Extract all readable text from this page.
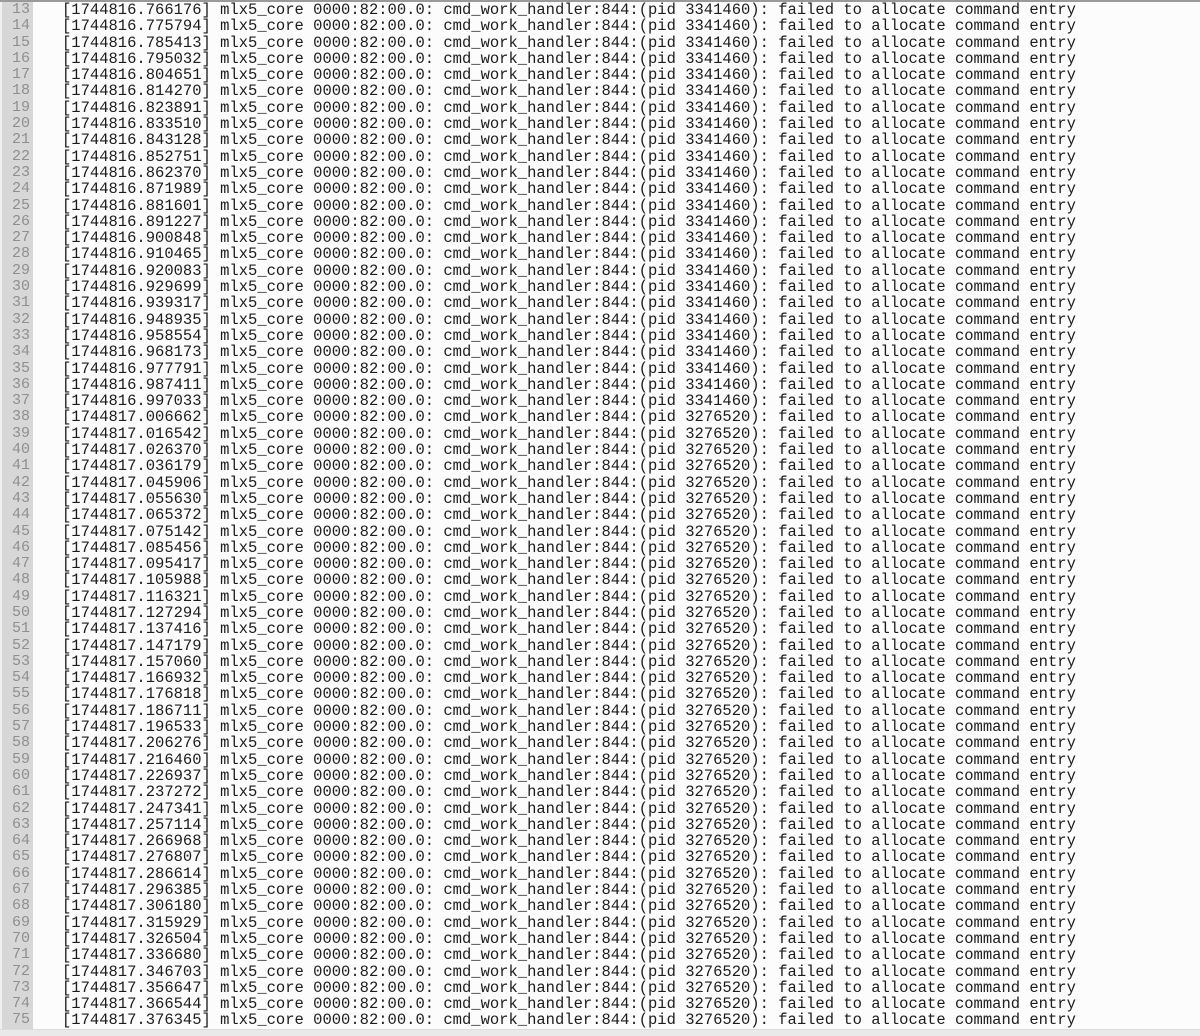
13
14
15
16
17
18
19
20
21
22
23
24
25
26
27
28
29
30
31
32
33
34
35
36
37
38
39
40
41
42
43
44
45
46
47
48
49
50
51
52
53
54
55
56
57
58
59
60
61
62
63
64
65
66
67
68
69
70
71
72
73
74
75
[1744816.766176] mlx5_core 0000:82:00.0: cmd_work_handler:844:(pid 3341460): failed to allocate command entry
[1744816.775794] mlx5_core 0000:82:00.0: cmd_work_handler:844:(pid 3341460): failed to allocate command entry
[1744816.785413] mlx5_core 0000:82:00.0: cmd_work_handler:844:(pid 3341460): failed to allocate command entry
[1744816.795032] mlx5_core 0000:82:00.0: cmd_work_handler:844:(pid 3341460): failed to allocate command entry
[1744816.804651] mlx5_core 0000:82:00.0: cmd_work_handler:844:(pid 3341460): failed to allocate command entry
[1744816.814270] mlx5_core 0000:82:00.0: cmd_work_handler:844:(pid 3341460): failed to allocate command entry
[1744816.823891] mlx5_core 0000:82:00.0: cmd_work_handler:844:(pid 3341460): failed to allocate command entry
[1744816.833510] mlx5_core 0000:82:00.0: cmd_work_handler:844:(pid 3341460): failed to allocate command entry
[1744816.843128] mlx5_core 0000:82:00.0: cmd_work_handler:844:(pid 3341460): failed to allocate command entry
[1744816.852751] mlx5_core 0000:82:00.0: cmd_work_handler:844:(pid 3341460): failed to allocate command entry
[1744816.862370] mlx5_core 0000:82:00.0: cmd_work_handler:844:(pid 3341460): failed to allocate command entry
[1744816.871989] mlx5_core 0000:82:00.0: cmd_work_handler:844:(pid 3341460): failed to allocate command entry
[1744816.881601] mlx5_core 0000:82:00.0: cmd_work_handler:844:(pid 3341460): failed to allocate command entry
[1744816.891227] mlx5_core 0000:82:00.0: cmd_work_handler:844:(pid 3341460): failed to allocate command entry
[1744816.900848] mlx5_core 0000:82:00.0: cmd_work_handler:844:(pid 3341460): failed to allocate command entry
[1744816.910465] mlx5_core 0000:82:00.0: cmd_work_handler:844:(pid 3341460): failed to allocate command entry
[1744816.920083] mlx5_core 0000:82:00.0: cmd_work_handler:844:(pid 3341460): failed to allocate command entry
[1744816.929699] mlx5_core 0000:82:00.0: cmd_work_handler:844:(pid 3341460): failed to allocate command entry
[1744816.939317] mlx5_core 0000:82:00.0: cmd_work_handler:844:(pid 3341460): failed to allocate command entry
[1744816.948935] mlx5_core 0000:82:00.0: cmd_work_handler:844:(pid 3341460): failed to allocate command entry
[1744816.958554] mlx5_core 0000:82:00.0: cmd_work_handler:844:(pid 3341460): failed to allocate command entry
[1744816.968173] mlx5_core 0000:82:00.0: cmd_work_handler:844:(pid 3341460): failed to allocate command entry
[1744816.977791] mlx5_core 0000:82:00.0: cmd_work_handler:844:(pid 3341460): failed to allocate command entry
[1744816.987411] mlx5_core 0000:82:00.0: cmd_work_handler:844:(pid 3341460): failed to allocate command entry
[1744816.997033] mlx5_core 0000:82:00.0: cmd_work_handler:844:(pid 3341460): failed to allocate command entry
[1744817.006662] mlx5_core 0000:82:00.0: cmd_work_handler:844:(pid 3276520): failed to allocate command entry
[1744817.016542] mlx5_core 0000:82:00.0: cmd_work_handler:844:(pid 3276520): failed to allocate command entry
[1744817.026370] mlx5_core 0000:82:00.0: cmd_work_handler:844:(pid 3276520): failed to allocate command entry
[1744817.036179] mlx5_core 0000:82:00.0: cmd_work_handler:844:(pid 3276520): failed to allocate command entry
[1744817.045906] mlx5_core 0000:82:00.0: cmd_work_handler:844:(pid 3276520): failed to allocate command entry
[1744817.055630] mlx5_core 0000:82:00.0: cmd_work_handler:844:(pid 3276520): failed to allocate command entry
[1744817.065372] mlx5_core 0000:82:00.0: cmd_work_handler:844:(pid 3276520): failed to allocate command entry
[1744817.075142] mlx5_core 0000:82:00.0: cmd_work_handler:844:(pid 3276520): failed to allocate command entry
[1744817.085456] mlx5_core 0000:82:00.0: cmd_work_handler:844:(pid 3276520): failed to allocate command entry
[1744817.095417] mlx5_core 0000:82:00.0: cmd_work_handler:844:(pid 3276520): failed to allocate command entry
[1744817.105988] mlx5_core 0000:82:00.0: cmd_work_handler:844:(pid 3276520): failed to allocate command entry
[1744817.116321] mlx5_core 0000:82:00.0: cmd_work_handler:844:(pid 3276520): failed to allocate command entry
[1744817.127294] mlx5_core 0000:82:00.0: cmd_work_handler:844:(pid 3276520): failed to allocate command entry
[1744817.137416] mlx5_core 0000:82:00.0: cmd_work_handler:844:(pid 3276520): failed to allocate command entry
[1744817.147179] mlx5_core 0000:82:00.0: cmd_work_handler:844:(pid 3276520): failed to allocate command entry
[1744817.157060] mlx5_core 0000:82:00.0: cmd_work_handler:844:(pid 3276520): failed to allocate command entry
[1744817.166932] mlx5_core 0000:82:00.0: cmd_work_handler:844:(pid 3276520): failed to allocate command entry
[1744817.176818] mlx5_core 0000:82:00.0: cmd_work_handler:844:(pid 3276520): failed to allocate command entry
[1744817.186711] mlx5_core 0000:82:00.0: cmd_work_handler:844:(pid 3276520): failed to allocate command entry
[1744817.196533] mlx5_core 0000:82:00.0: cmd_work_handler:844:(pid 3276520): failed to allocate command entry
[1744817.206276] mlx5_core 0000:82:00.0: cmd_work_handler:844:(pid 3276520): failed to allocate command entry
[1744817.216460] mlx5_core 0000:82:00.0: cmd_work_handler:844:(pid 3276520): failed to allocate command entry
[1744817.226937] mlx5_core 0000:82:00.0: cmd_work_handler:844:(pid 3276520): failed to allocate command entry
[1744817.237272] mlx5_core 0000:82:00.0: cmd_work_handler:844:(pid 3276520): failed to allocate command entry
[1744817.247341] mlx5_core 0000:82:00.0: cmd_work_handler:844:(pid 3276520): failed to allocate command entry
[1744817.257114] mlx5_core 0000:82:00.0: cmd_work_handler:844:(pid 3276520): failed to allocate command entry
[1744817.266968] mlx5_core 0000:82:00.0: cmd_work_handler:844:(pid 3276520): failed to allocate command entry
[1744817.276807] mlx5_core 0000:82:00.0: cmd_work_handler:844:(pid 3276520): failed to allocate command entry
[1744817.286614] mlx5_core 0000:82:00.0: cmd_work_handler:844:(pid 3276520): failed to allocate command entry
[1744817.296385] mlx5_core 0000:82:00.0: cmd_work_handler:844:(pid 3276520): failed to allocate command entry
[1744817.306180] mlx5_core 0000:82:00.0: cmd_work_handler:844:(pid 3276520): failed to allocate command entry
[1744817.315929] mlx5_core 0000:82:00.0: cmd_work_handler:844:(pid 3276520): failed to allocate command entry
[1744817.326504] mlx5_core 0000:82:00.0: cmd_work_handler:844:(pid 3276520): failed to allocate command entry
[1744817.336680] mlx5_core 0000:82:00.0: cmd_work_handler:844:(pid 3276520): failed to allocate command entry
[1744817.346703] mlx5_core 0000:82:00.0: cmd_work_handler:844:(pid 3276520): failed to allocate command entry
[1744817.356647] mlx5_core 0000:82:00.0: cmd_work_handler:844:(pid 3276520): failed to allocate command entry
[1744817.366544] mlx5_core 0000:82:00.0: cmd_work_handler:844:(pid 3276520): failed to allocate command entry
[1744817.376345] mlx5_core 0000:82:00.0: cmd_work_handler:844:(pid 3276520): failed to allocate command entry
